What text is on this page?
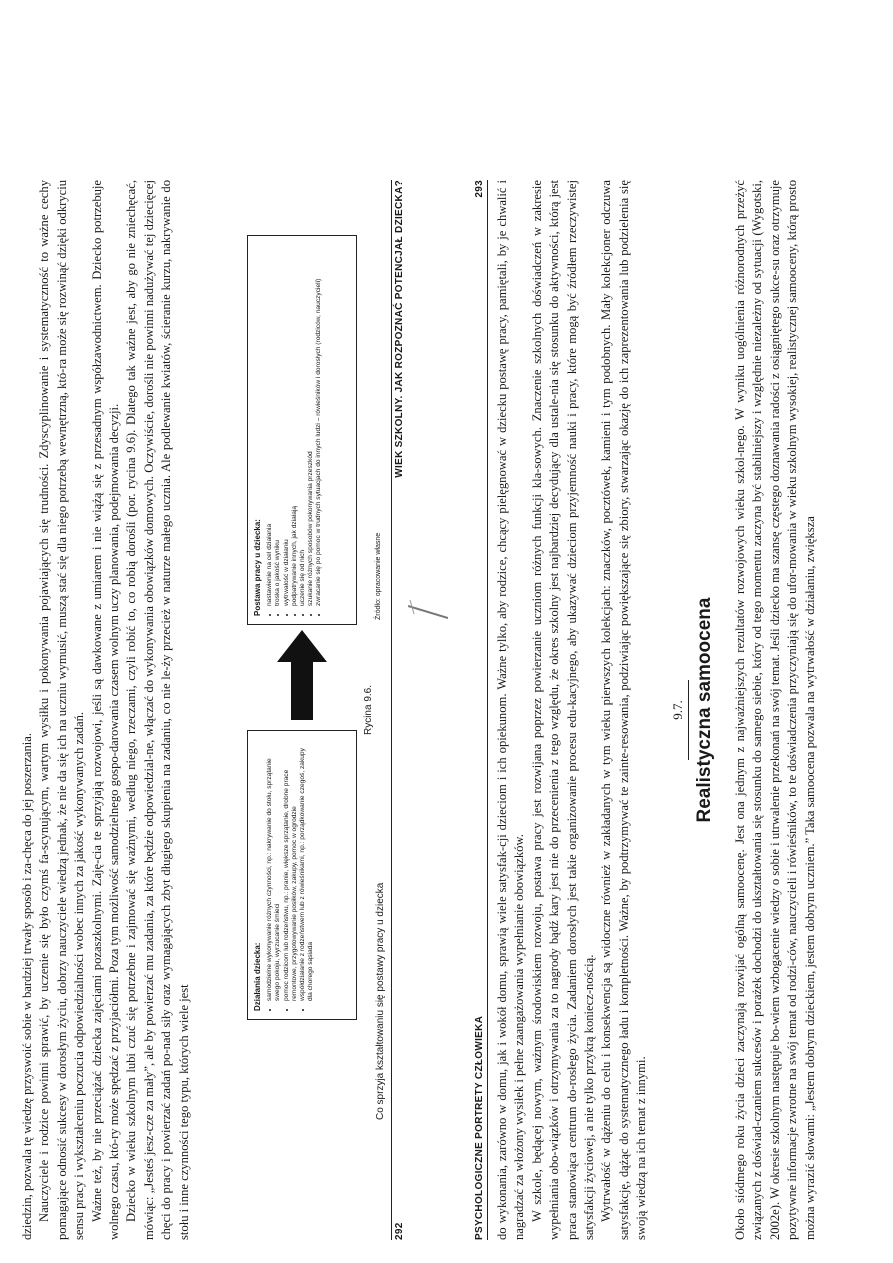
dziedzin, pozwala tę wiedzę przyswoić sobie w bardziej trwały sposób i za-chęca do jej poszerzania. Nauczyciele i rodzice powinni sprawić, by uczenie się było czymś fa-scynującym, wartym wysiłku i pokonywania pojawiających się trudności. Zdyscyplinowanie i systematyczność to ważne cechy pomagające odnosić sukcesy w dorosłym życiu, dobrzy nauczyciele wiedzą jednak, że nie da się ich na uczniu wymusić, muszą stać się dla niego potrzebą wewnętrzną, któ-ra może się rozwinąć dzięki odkryciu sensu pracy i wykształceniu poczucia odpowiedzialności wobec innych za jakość wykonywanych zadań. Ważne też, by nie przeciążać dziecka zajęciami pozaszkolnymi. Zaję-cia te sprzyjają rozwojowi, jeśli są dawkowane z umiarem i nie wiążą się z przesadnym współzawodnictwem. Dziecko potrzebuje wolnego czasu, któ-ry może spędzać z przyjaciółmi. Poza tym możliwość samodzielnego gospo-darowania czasem wolnym uczy planowania, podejmowania decyzji. Dziecko w wieku szkolnym lubi czuć się potrzebne i zajmować się ważnymi, według niego, rzeczami, czyli robić to, co robią dorośli (por. rycina 9.6). Dlatego tak ważne jest, aby go nie zniechęcać, mówiąc: „Jesteś jesz-cze za mały”, ale by powierzać mu zadania, za które będzie odpowiedzial-ne, włączać do wykonywania obowiązków domowych. Oczywiście, dorośli nie powinni nadużywać tej dziecięcej chęci do pracy i powierzać zadań po-nad siły oraz wymagających zbyt długiego skupienia na zadaniu, co nie le-ży przecież w naturze małego ucznia. Ale podlewanie kwiatów, ścieranie kurzu, nakrywanie do stołu i inne czynności tego typu, których wiele jest

Działania dziecka: • samodzielne wykonywanie różnych czynności, np.: nakrywanie do stołu, sprzątanie swego pokoju, wyrzucanie śmieci • pomoc rodzicom lub rodzeństwu, np.: pranie, większe sprzątanie, drobne prace remontowe, przygotowywanie posiłków, zakupy, pomoc w ogrodzie • współdziałanie z rodzeństwem lub z rówieśnikami, np.: porządkowanie czegoś, zakupy dla chorego sąsiada
Postawa pracy u dziecka: • nastawienie na cel działania • troska o jakość wyniku • wytrwałość w działaniu • podpatrywanie innych, jak działają • uczenie się od nich • szukanie różnych sposobów pokonywania przeszkód • zwracanie się po pomoc w trudnych sytuacjach do innych ludzi – rówieśników i dorosłych (rodziców, nauczycieli)
Rycina 9.6.
Co sprzyja kształtowaniu się postawy pracy u dziecka
Źródło: opracowanie własne
292
WIEK SZKOLNY. JAK ROZPOZNAĆ POTENCJAŁ DZIECKA?
PSYCHOLOGICZNE PORTRETY CZŁOWIEKA
293 do wykonania, zarówno w domu, jak i wokół domu, sprawią wiele satysfak-cji dzieciom i ich opiekunom. Ważne tylko, aby rodzice, chcący pielęgnować w dziecku postawę pracy, pamiętali, by je chwalić i nagradzać za włożony wysiłek i pełne zaangażowania wypełnianie obowiązków. W szkole, będącej nowym, ważnym środowiskiem rozwoju, postawa pracy jest rozwijana poprzez powierzanie uczniom różnych funkcji kla-sowych. Znaczenie szkolnych doświadczeń w zakresie wypełniania obo-wiązków i otrzymywania za to nagrody bądź kary jest nie do przecenienia z tego względu, że okres szkolny jest najbardziej decydujący dla ustale-nia się stosunku do aktywności, którą jest praca stanowiąca centrum do-rosłego życia. Zadaniem dorosłych jest takie organizowanie procesu edu-kacyjnego, aby ukazywać dzieciom przyjemność nauki i pracy, które mogą być źródłem rzeczywistej satysfakcji życiowej, a nie tylko przykrą koniecz-nością. Wytrwałość w dążeniu do celu i konsekwencja są widoczne również w zakładanych w tym wieku pierwszych kolekcjach: znaczków, pocztówek, kamieni i tym podobnych. Mały kolekcjoner odczuwa satysfakcję, dążąc do systematycznego ładu i kompletności. Ważne, by podtrzymywać te zainte-resowania, podziwiając powiększające się zbiory, stwarzając okazję do ich zaprezentowania lub podzielenia się swoją wiedzą na ich temat z innymi.

9.7. Realistyczna samoocena Około siódmego roku życia dzieci zaczynają rozwijać ogólną samoocenę. Jest ona jednym z najważniejszych rezultatów rozwojowych wieku szkol-nego. W wyniku uogólnienia różnorodnych przeżyć związanych z doświad-czaniem sukcesów i porażek dochodzi do ukształtowania się stosunku do samego siebie, który od tego momentu zaczyna być stabilniejszy i względnie niezależny od sytuacji (Wygotski, 2002e). W okresie szkolnym następuje bo-wiem wzbogacenie wiedzy o sobie i utrwalenie przekonań na swój temat. Jeśli dziecko ma szansę częstego doznawania radości z osiągniętego sukce-su oraz otrzymuje pozytywne informacje zwrotne na swój temat od rodzi-ców, nauczycieli i rówieśników, to te doświadczenia przyczyniają się do ufor-mowania w wieku szkolnym wysokiej, realistycznej samooceny, którą prosto można wyrazić słowami: „Jestem dobrym dzieckiem, jestem dobrym uczniem.” Taka samoocena pozwala na wytrwałość w działaniu, zwiększa
